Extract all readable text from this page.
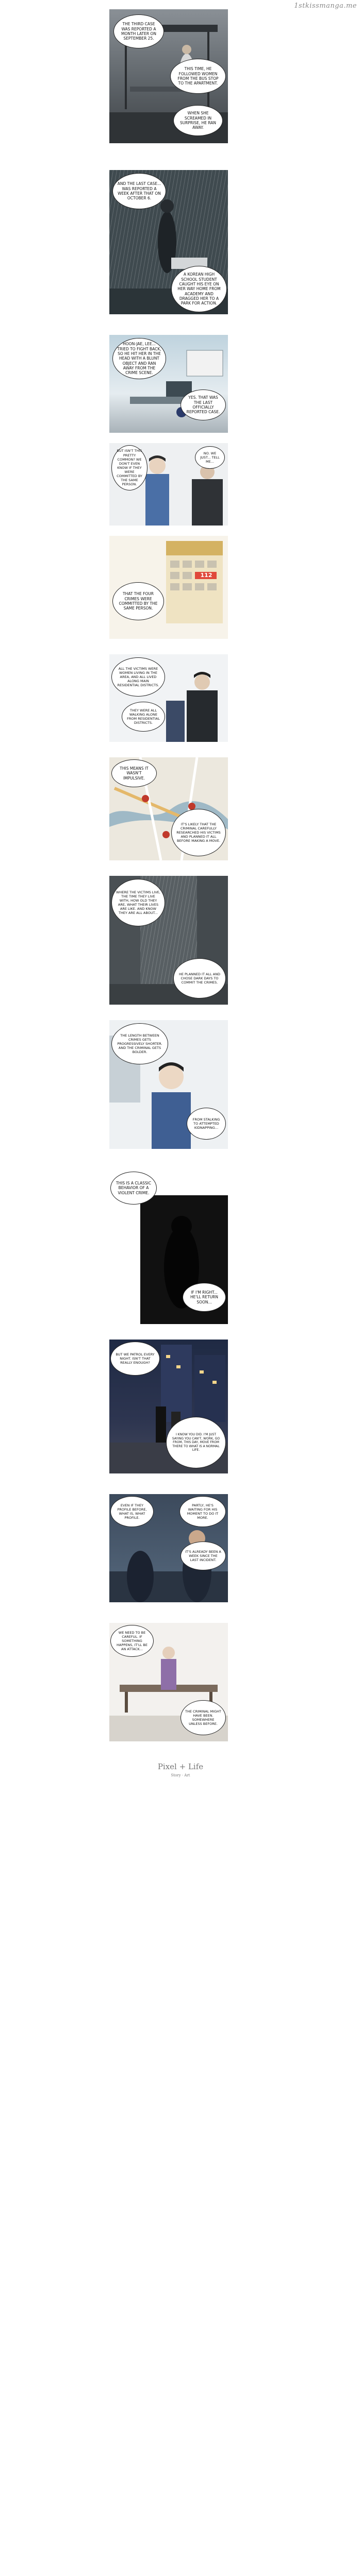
1stkissmanga.me
THE THIRD CASE WAS REPORTED A MONTH LATER ON SEPTEMBER 25.
THIS TIME, HE FOLLOWED WOMEN FROM THE BUS STOP TO THE APARTMENT.
WHEN SHE SCREAMED IN SURPRISE, HE RAN AWAY.
AND THE LAST CASE... WAS REPORTED A WEEK AFTER THAT ON OCTOBER 6.
A KOREAN HIGH SCHOOL STUDENT CAUGHT HIS EYE ON HER WAY HOME FROM ACADEMY AND DRAGGED HER TO A PARK FOR ACTION.
HOON-JAE, LEE... TRIED TO FIGHT BACK, SO HE HIT HER IN THE HEAD WITH A BLUNT OBJECT AND RAN AWAY FROM THE CRIME SCENE.
YES. THAT WAS THE LAST OFFICIALLY REPORTED CASE.
BUT ISN'T THIS PRETTY COMMON? WE DON'T EVEN KNOW IF THEY WERE COMMITTED BY THE SAME PERSON.
NO. WE JUST... TELL ME...
112
THAT THE FOUR CRIMES WERE COMMITTED BY THE SAME PERSON.
ALL THE VICTIMS WERE WOMEN LIVING IN THE AREA, AND ALL LIVED ALONG MAIN RESIDENTIAL DISTRICTS.
THEY WERE ALL WALKING ALONE FROM RESIDENTIAL DISTRICTS.
THIS MEANS IT WASN'T IMPULSIVE.
IT'S LIKELY THAT THE CRIMINAL CAREFULLY RESEARCHED HIS VICTIMS AND PLANNED IT ALL BEFORE MAKING A MOVE.
WHERE THE VICTIMS LIVE, THE TIME THEY LIVE WITH, HOW OLD THEY ARE, WHAT THEIR LIVES ARE LIKE. AND KNOW THEY ARE ALL ABOUT...
HE PLANNED IT ALL AND CHOSE DARK DAYS TO COMMIT THE CRIMES.
THE LENGTH BETWEEN CRIMES GETS PROGRESSIVELY SHORTER. AND THE CRIMINAL GETS BOLDER.
FROM STALKING TO ATTEMPTED KIDNAPPING...
THIS IS A CLASSIC BEHAVIOR OF A VIOLENT CRIME.
IF I'M RIGHT... HE'LL RETURN SOON...
BUT WE PATROL EVERY NIGHT. ISN'T THAT REALLY ENOUGH?
I KNOW YOU DID. I'M JUST SAYING YOU CAN'T, WORK, GO FROM, THIS DAY, MOVE FROM THERE TO WHAT IS A NORMAL LIFE.
EVEN IF THEY PROFILE BEFORE, WHAT IS, WHAT PROFILE.
PARTLY, HE'S WAITING FOR HIS MOMENT TO DO IT MORE.
IT'S ALREADY BEEN A WEEK SINCE THE LAST INCIDENT.
WE NEED TO BE CAREFUL. IF SOMETHING HAPPENS, IT'LL BE AN ATTACK...
THE CRIMINAL MIGHT HAVE BEEN. SOMEWHERE UNLESS BEFORE.
Pixel + Life
Story · Art
